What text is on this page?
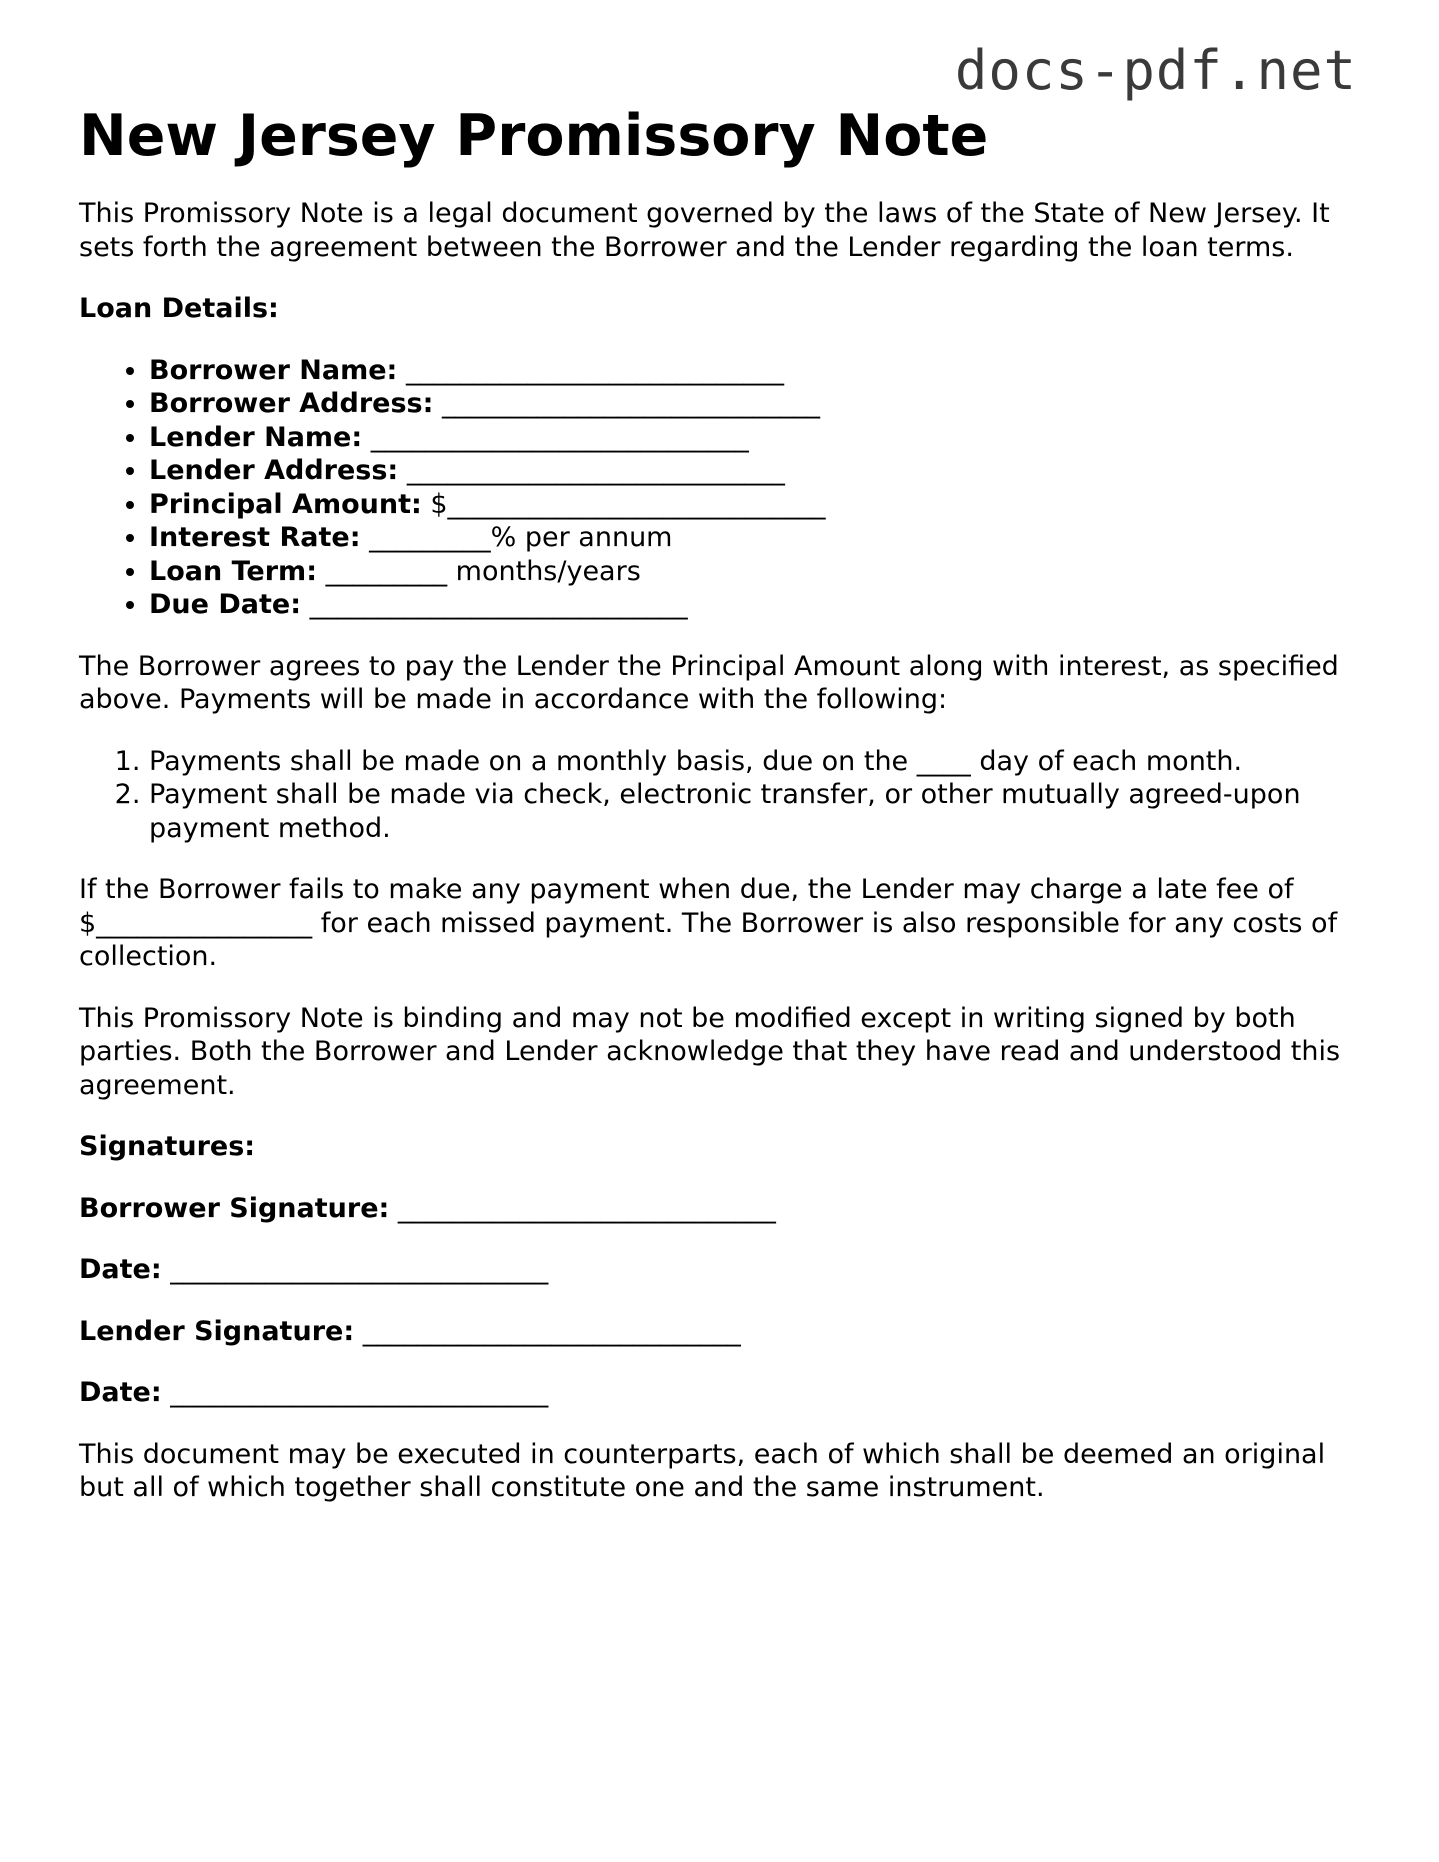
docs-pdf.net
New Jersey Promissory Note

This Promissory Note is a legal document governed by the laws of the State of New Jersey. It sets forth the agreement between the Borrower and the Lender regarding the loan terms.

Loan Details:

• Borrower Name: ____________________________
• Borrower Address: ____________________________
• Lender Name: ____________________________
• Lender Address: ____________________________
• Principal Amount: $____________________________
• Interest Rate: _________% per annum
• Loan Term: _________ months/years
• Due Date: ____________________________

The Borrower agrees to pay the Lender the Principal Amount along with interest, as specified above. Payments will be made in accordance with the following:

1. Payments shall be made on a monthly basis, due on the ____ day of each month.
2. Payment shall be made via check, electronic transfer, or other mutually agreed-upon payment method.

If the Borrower fails to make any payment when due, the Lender may charge a late fee of $________________ for each missed payment. The Borrower is also responsible for any costs of collection.

This Promissory Note is binding and may not be modified except in writing signed by both parties. Both the Borrower and Lender acknowledge that they have read and understood this agreement.

Signatures:

Borrower Signature: ____________________________

Date: ____________________________

Lender Signature: ____________________________

Date: ____________________________

This document may be executed in counterparts, each of which shall be deemed an original but all of which together shall constitute one and the same instrument.
